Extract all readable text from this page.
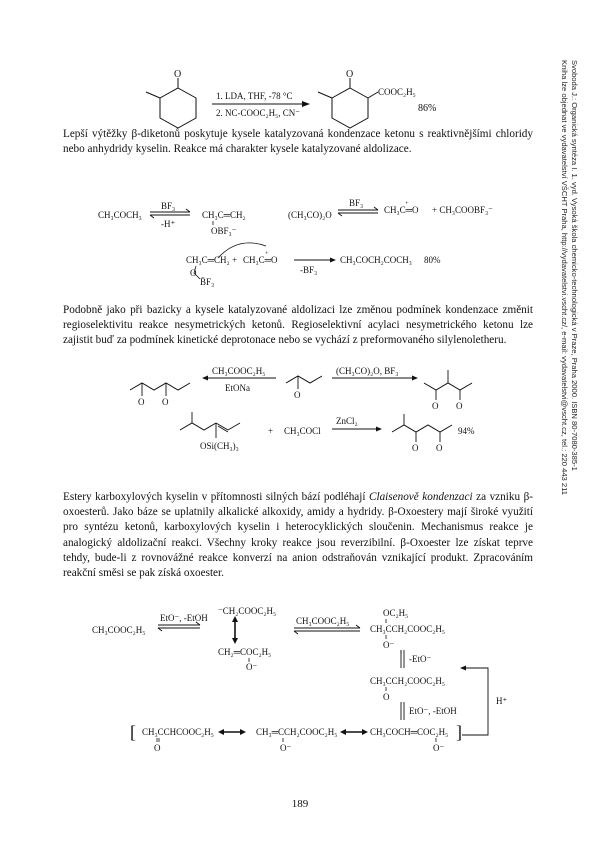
Svoboda J.: Organická syntéza I. 1. vyd. Vysoká škola chemicko-technologická v Praze, Praha 2000. ISBN 80-7080-385-1
Kniha lze objednat ve vydavatelství VŠCHT Praha, http://vydavatelstvi.vscht.cz/, e-mail: vydavatelstvi@vscht.cz, tel.: 220 443 211
O
1. LDA, THF, -78 °C
2. NC-COOC₂H₅, CN⁻
O
COOC₂H₅
86%
Lepší výtěžky β-diketonů poskytuje kysele katalyzovaná kondenzace ketonu s reaktivnějšími chloridy nebo anhydridy kyselin. Reakce má charakter kysele katalyzované aldolizace.
CH₃COCH₃
BF₃
-H⁺
CH₃C═CH₂
OBF₃⁻
(CH₃CO)₂O
BF₃
CH₃C═O
+
+ CH₃COOBF₃⁻
CH₃C═CH₂ + CH₃C═O
+
O
B̄F₃
-BF₃
CH₃COCH₂COCH₃ 80%
Podobně jako při bazicky a kysele katalyzované aldolizaci lze změnou podmínek kondenzace změnit regioselektivitu reakce nesymetrických ketonů. Regioselektivní acylaci nesymetrického ketonu lze zajistit buď za podmínek kinetické deprotonace nebo se vychází z preformovaného silylenoletheru.
O O
CH₃COOC₂H₅
EtONa
O
(CH₃CO)₂O, BF₃
O O
OSi(CH₃)₃
+ CH₃COCl
ZnCl₂
O O
94%
Estery karboxylových kyselin v přítomnosti silných bází podléhají Claisenově kondenzaci za vzniku β-oxoesterů. Jako báze se uplatnily alkalické alkoxidy, amidy a hydridy. β-Oxoestery mají široké využití pro syntézu ketonů, karboxylových kyselin i heterocyklických sloučenin. Mechanismus reakce je analogický aldolizační reakci. Všechny kroky reakce jsou reverzibilní. β-Oxoester lze získat teprve tehdy, bude-li z rovnovážné reakce konverzí na anion odstraňován vznikající produkt. Zpracováním reakční směsi se pak získá oxoester.
CH₃COOC₂H₅
EtO⁻, -EtOH
⁻CH₂COOC₂H₅
CH₂═COC₂H₅
O⁻
CH₃COOC₂H₅
OC₂H₅
CH₃CCH₂COOC₂H₅
O⁻
-EtO⁻
CH₃CCH₂COOC₂H₅
O
EtO⁻, -EtOH
H⁺
[ CH₃CCHCOOC₂H₅
O
CH₃═CCH₂COOC₂H₅
O⁻
CH₃COCH═COC₂H₅
O⁻
]
189
